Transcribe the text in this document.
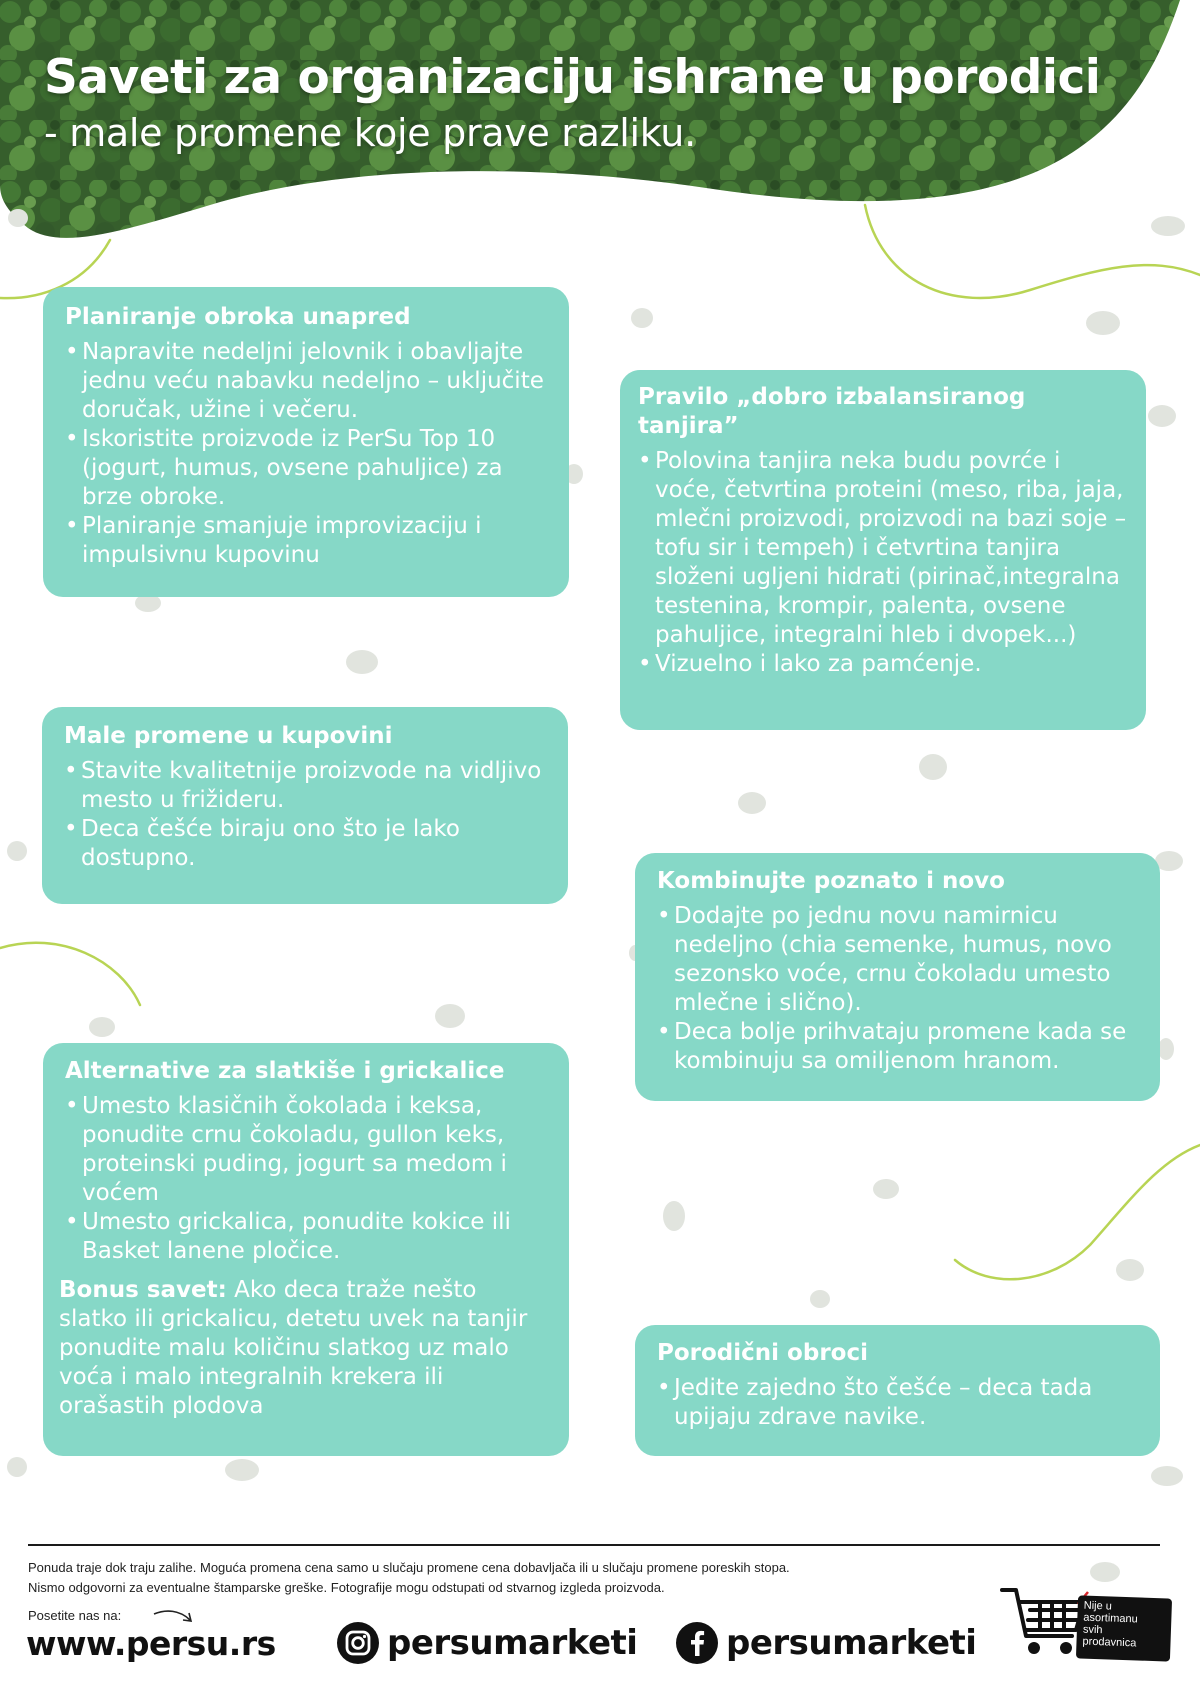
Saveti za organizaciju ishrane u porodici

- male promene koje prave razliku.

Planiranje obroka unapred
• Napravite nedeljni jelovnik i obavljajte jednu veću nabavku nedeljno – uključite doručak, užine i večeru.
• Iskoristite proizvode iz PerSu Top 10 (jogurt, humus, ovsene pahuljice) za brze obroke.
• Planiranje smanjuje improvizaciju i impulsivnu kupovinu
Pravilo „dobro izbalansiranog tanjira”
• Polovina tanjira neka budu povrće i voće, četvrtina proteini (meso, riba, jaja, mlečni proizvodi, proizvodi na bazi soje – tofu sir i tempeh) i četvrtina tanjira složeni ugljeni hidrati (pirinač,integralna testenina, krompir, palenta, ovsene pahuljice, integralni hleb i dvopek...)
• Vizuelno i lako za pamćenje.
Male promene u kupovini
• Stavite kvalitetnije proizvode na vidljivo mesto u frižideru.
• Deca češće biraju ono što je lako dostupno.
Kombinujte poznato i novo
• Dodajte po jednu novu namirnicu nedeljno (chia semenke, humus, novo sezonsko voće, crnu čokoladu umesto mlečne i slično).
• Deca bolje prihvataju promene kada se kombinuju sa omiljenom hranom.
Alternative za slatkiše i grickalice
• Umesto klasičnih čokolada i keksa, ponudite crnu čokoladu, gullon keks, proteinski puding, jogurt sa medom i voćem
• Umesto grickalica, ponudite kokice ili Basket lanene pločice.

Bonus savet: Ako deca traže nešto slatko ili grickalicu, detetu uvek na tanjir ponudite malu količinu slatkog uz malo voća i malo integralnih krekera ili orašastih plodova

Porodični obroci
• Jedite zajedno što češće – deca tada upijaju zdrave navike.

Ponuda traje dok traju zalihe. Moguća promena cena samo u slučaju promene cena dobavljača ili u slučaju promene poreskih stopa.
Nismo odgovorni za eventualne štamparske greške. Fotografije mogu odstupati od stvarnog izgleda proizvoda.

Posetite nas na:
www.persu.rs	persumarketi	persumarketi
Nije u
asortimanu
svih
prodavnica
